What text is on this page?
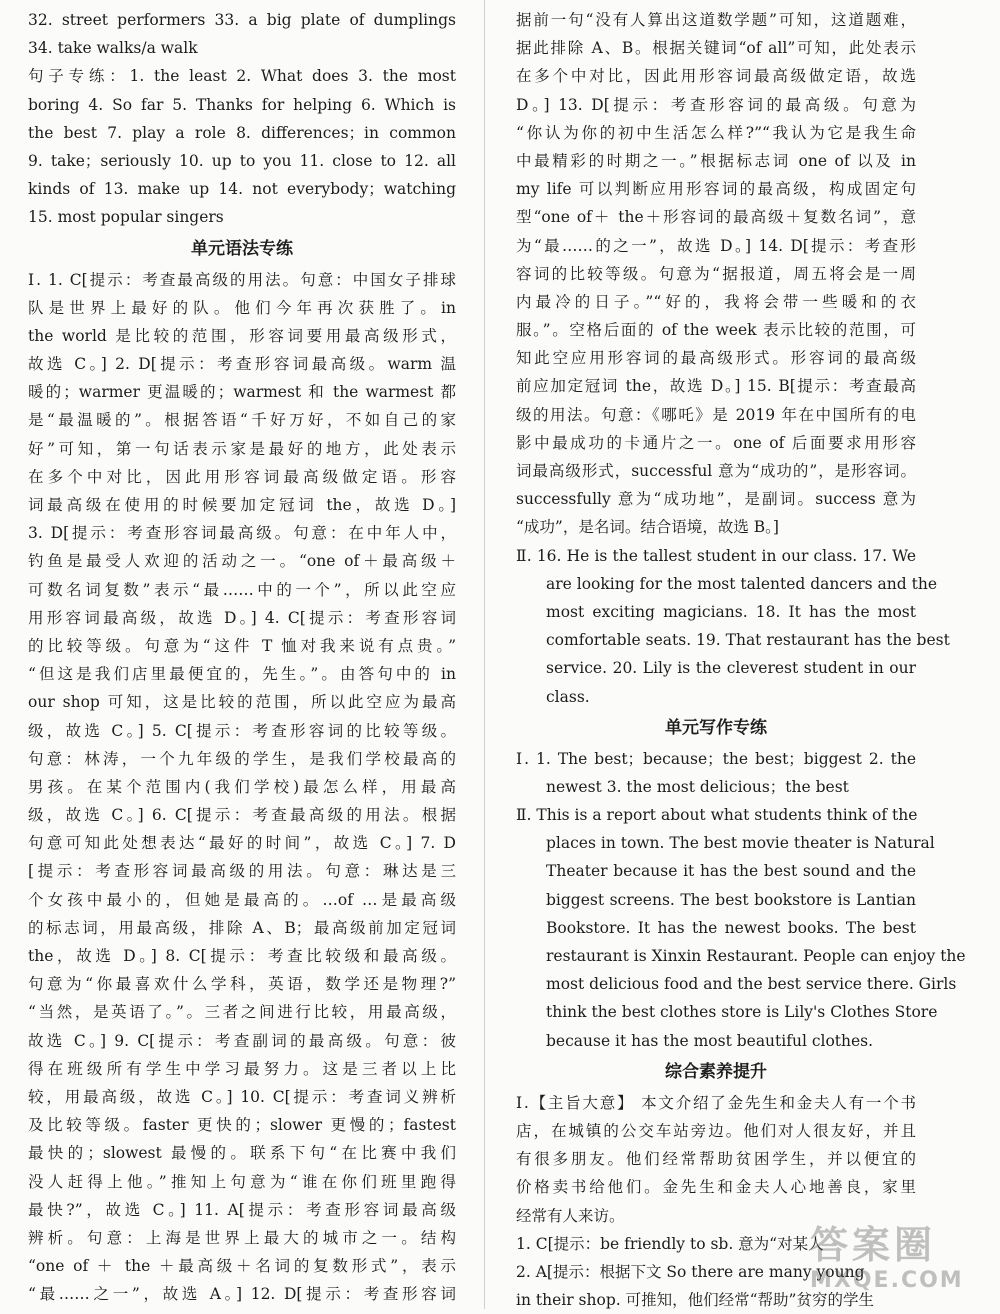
32. street performers 33. a big plate of dumplings
34. take walks/a walk
句子专练：1. the least 2. What does 3. the most
boring 4. So far 5. Thanks for helping 6. Which is
the best 7. play a role 8. differences；in common
9. take；seriously 10. up to you 11. close to 12. all
kinds of 13. make up 14. not everybody；watching
15. most popular singers
单元语法专练
Ⅰ. 1. C[提示：考查最高级的用法。句意：中国女子排球
队是世界上最好的队。他们今年再次获胜了。in
the world 是比较的范围，形容词要用最高级形式，
故选 C。] 2. D[提示：考查形容词最高级。warm 温
暖的；warmer 更温暖的；warmest 和 the warmest 都
是“最温暖的”。根据答语“千好万好，不如自己的家
好”可知，第一句话表示家是最好的地方，此处表示
在多个中对比，因此用形容词最高级做定语。形容
词最高级在使用的时候要加定冠词 the，故选 D。]
3. D[提示：考查形容词最高级。句意：在中年人中，
钓鱼是最受人欢迎的活动之一。“one of＋最高级＋
可数名词复数”表示“最……中的一个”，所以此空应
用形容词最高级，故选 D。] 4. C[提示：考查形容词
的比较等级。句意为“这件 T 恤对我来说有点贵。”
“但这是我们店里最便宜的，先生。”。由答句中的 in
our shop 可知，这是比较的范围，所以此空应为最高
级，故选 C。] 5. C[提示：考查形容词的比较等级。
句意：林涛，一个九年级的学生，是我们学校最高的
男孩。在某个范围内(我们学校)最怎么样，用最高
级，故选 C。] 6. C[提示：考查最高级的用法。根据
句意可知此处想表达“最好的时间”，故选 C。] 7. D
[提示：考查形容词最高级的用法。句意：琳达是三
个女孩中最小的，但她是最高的。…of …是最高级
的标志词，用最高级，排除 A、B；最高级前加定冠词
the，故选 D。] 8. C[提示：考查比较级和最高级。
句意为“你最喜欢什么学科，英语，数学还是物理?”
“当然，是英语了。”。三者之间进行比较，用最高级，
故选 C。] 9. C[提示：考查副词的最高级。句意：彼
得在班级所有学生中学习最努力。这是三者以上比
较，用最高级，故选 C。] 10. C[提示：考查词义辨析
及比较等级。faster 更快的；slower 更慢的；fastest
最快的；slowest 最慢的。联系下句“在比赛中我们
没人赶得上他。”推知上句意为“谁在你们班里跑得
最快?”，故选 C。] 11. A[提示：考查形容词最高级
辨析。句意：上海是世界上最大的城市之一。结构
“one of ＋ the ＋最高级＋名词的复数形式”，表示
“最……之一”，故选 A。] 12. D[提示：考查形容词
据前一句“没有人算出这道数学题”可知，这道题难，
据此排除 A、B。根据关键词“of all”可知，此处表示
在多个中对比，因此用形容词最高级做定语，故选
D。] 13. D[提示：考查形容词的最高级。句意为
“你认为你的初中生活怎么样?”“我认为它是我生命
中最精彩的时期之一。”根据标志词 one of 以及 in
my life 可以判断应用形容词的最高级，构成固定句
型“one of＋ the＋形容词的最高级＋复数名词”，意
为“最……的之一”，故选 D。] 14. D[提示：考查形
容词的比较等级。句意为“据报道，周五将会是一周
内最冷的日子。”“好的，我将会带一些暖和的衣
服。”。空格后面的 of the week 表示比较的范围，可
知此空应用形容词的最高级形式。形容词的最高级
前应加定冠词 the，故选 D。] 15. B[提示：考查最高
级的用法。句意：《哪吒》是 2019 年在中国所有的电
影中最成功的卡通片之一。one of 后面要求用形容
词最高级形式，successful 意为“成功的”，是形容词。
successfully 意为“成功地”，是副词。success 意为
“成功”，是名词。结合语境，故选 B。]
Ⅱ. 16. He is the tallest student in our class. 17. We
are looking for the most talented dancers and the
most exciting magicians. 18. It has the most
comfortable seats. 19. That restaurant has the best
service. 20. Lily is the cleverest student in our
class.
单元写作专练
Ⅰ. 1. The best；because；the best；biggest 2. the
newest 3. the most delicious；the best
Ⅱ. This is a report about what students think of the
places in town. The best movie theater is Natural
Theater because it has the best sound and the
biggest screens. The best bookstore is Lantian
Bookstore. It has the newest books. The best
restaurant is Xinxin Restaurant. People can enjoy the
most delicious food and the best service there. Girls
think the best clothes store is Lily's Clothes Store
because it has the most beautiful clothes.
综合素养提升
Ⅰ.【主旨大意】 本文介绍了金先生和金夫人有一个书
店，在城镇的公交车站旁边。他们对人很友好，并且
有很多朋友。他们经常帮助贫困学生，并以便宜的
价格卖书给他们。金先生和金夫人心地善良，家里
经常有人来访。
1. C[提示：be friendly to sb. 意为“对某人
2. A[提示：根据下文 So there are many young
in their shop. 可推知，他们经常“帮助”贫穷的学生
答案圈
MXQE.COM
